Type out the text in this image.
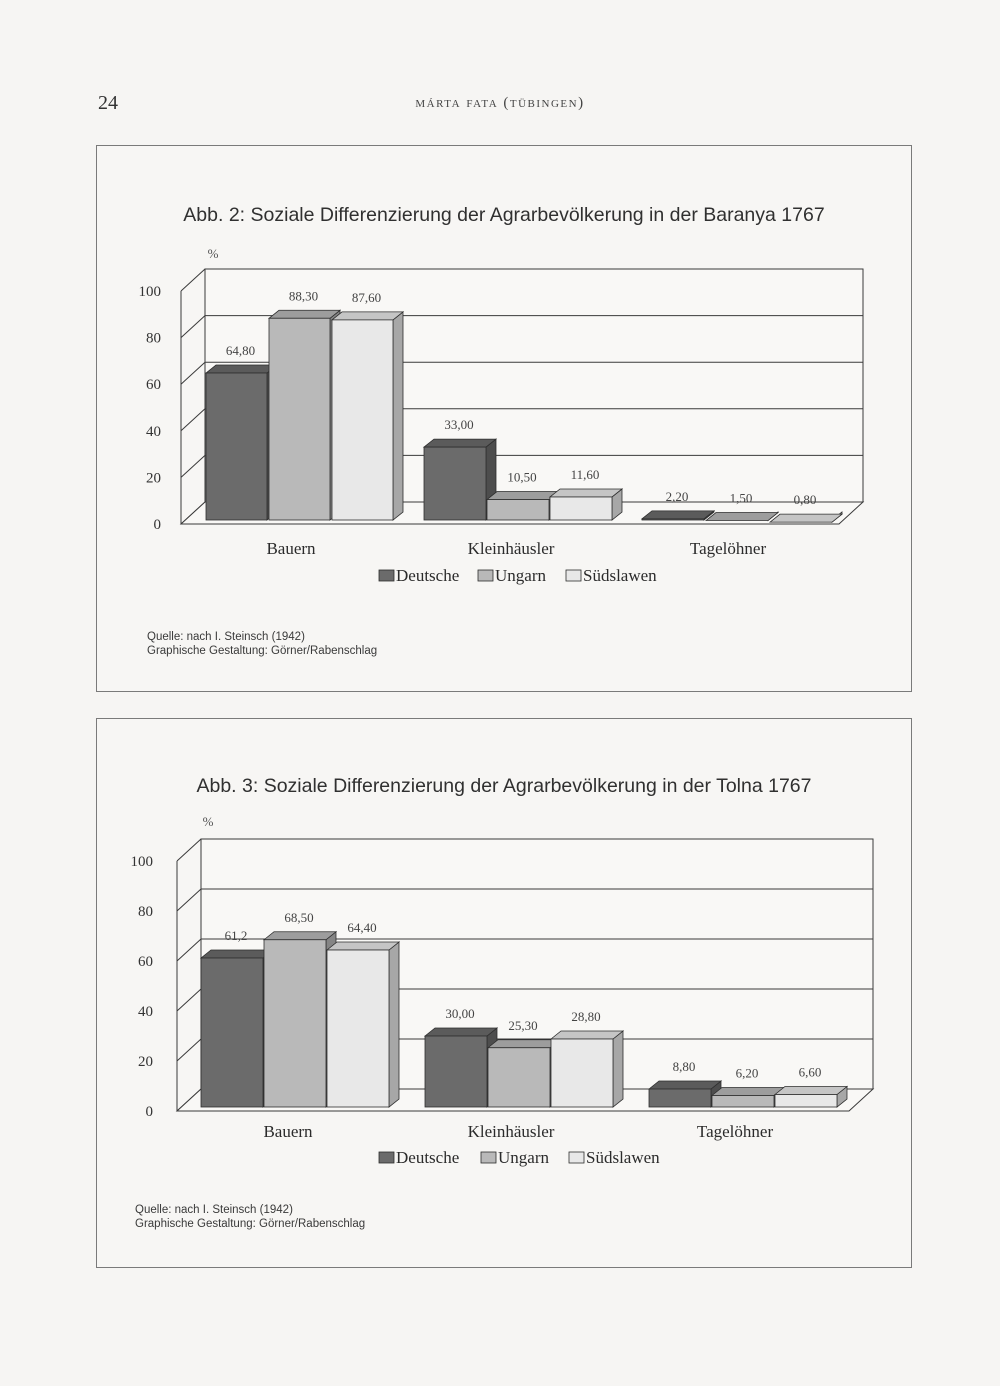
24	márta fata (tübingen)
Abb. 2: Soziale Differenzierung der Agrarbevölkerung in der Baranya 1767
0
20
40
60
80
100
%
64,80
88,30	87,60
Bauern
33,00
10,50	11,60
Kleinhäusler
2,20	1,50	0,80
Tagelöhner
Deutsche Ungarn Südslawen
Quelle: nach I. Steinsch (1942)
Graphische Gestaltung: Görner/Rabenschlag
Abb. 3: Soziale Differenzierung der Agrarbevölkerung in der Tolna 1767
0
20
40
60
80
100
%
61,2
68,50
64,40
Bauern
30,00
25,30
28,80
Kleinhäusler
8,80	6,20	6,60
Tagelöhner
Deutsche Ungarn Südslawen
Quelle: nach I. Steinsch (1942)
Graphische Gestaltung: Görner/Rabenschlag
